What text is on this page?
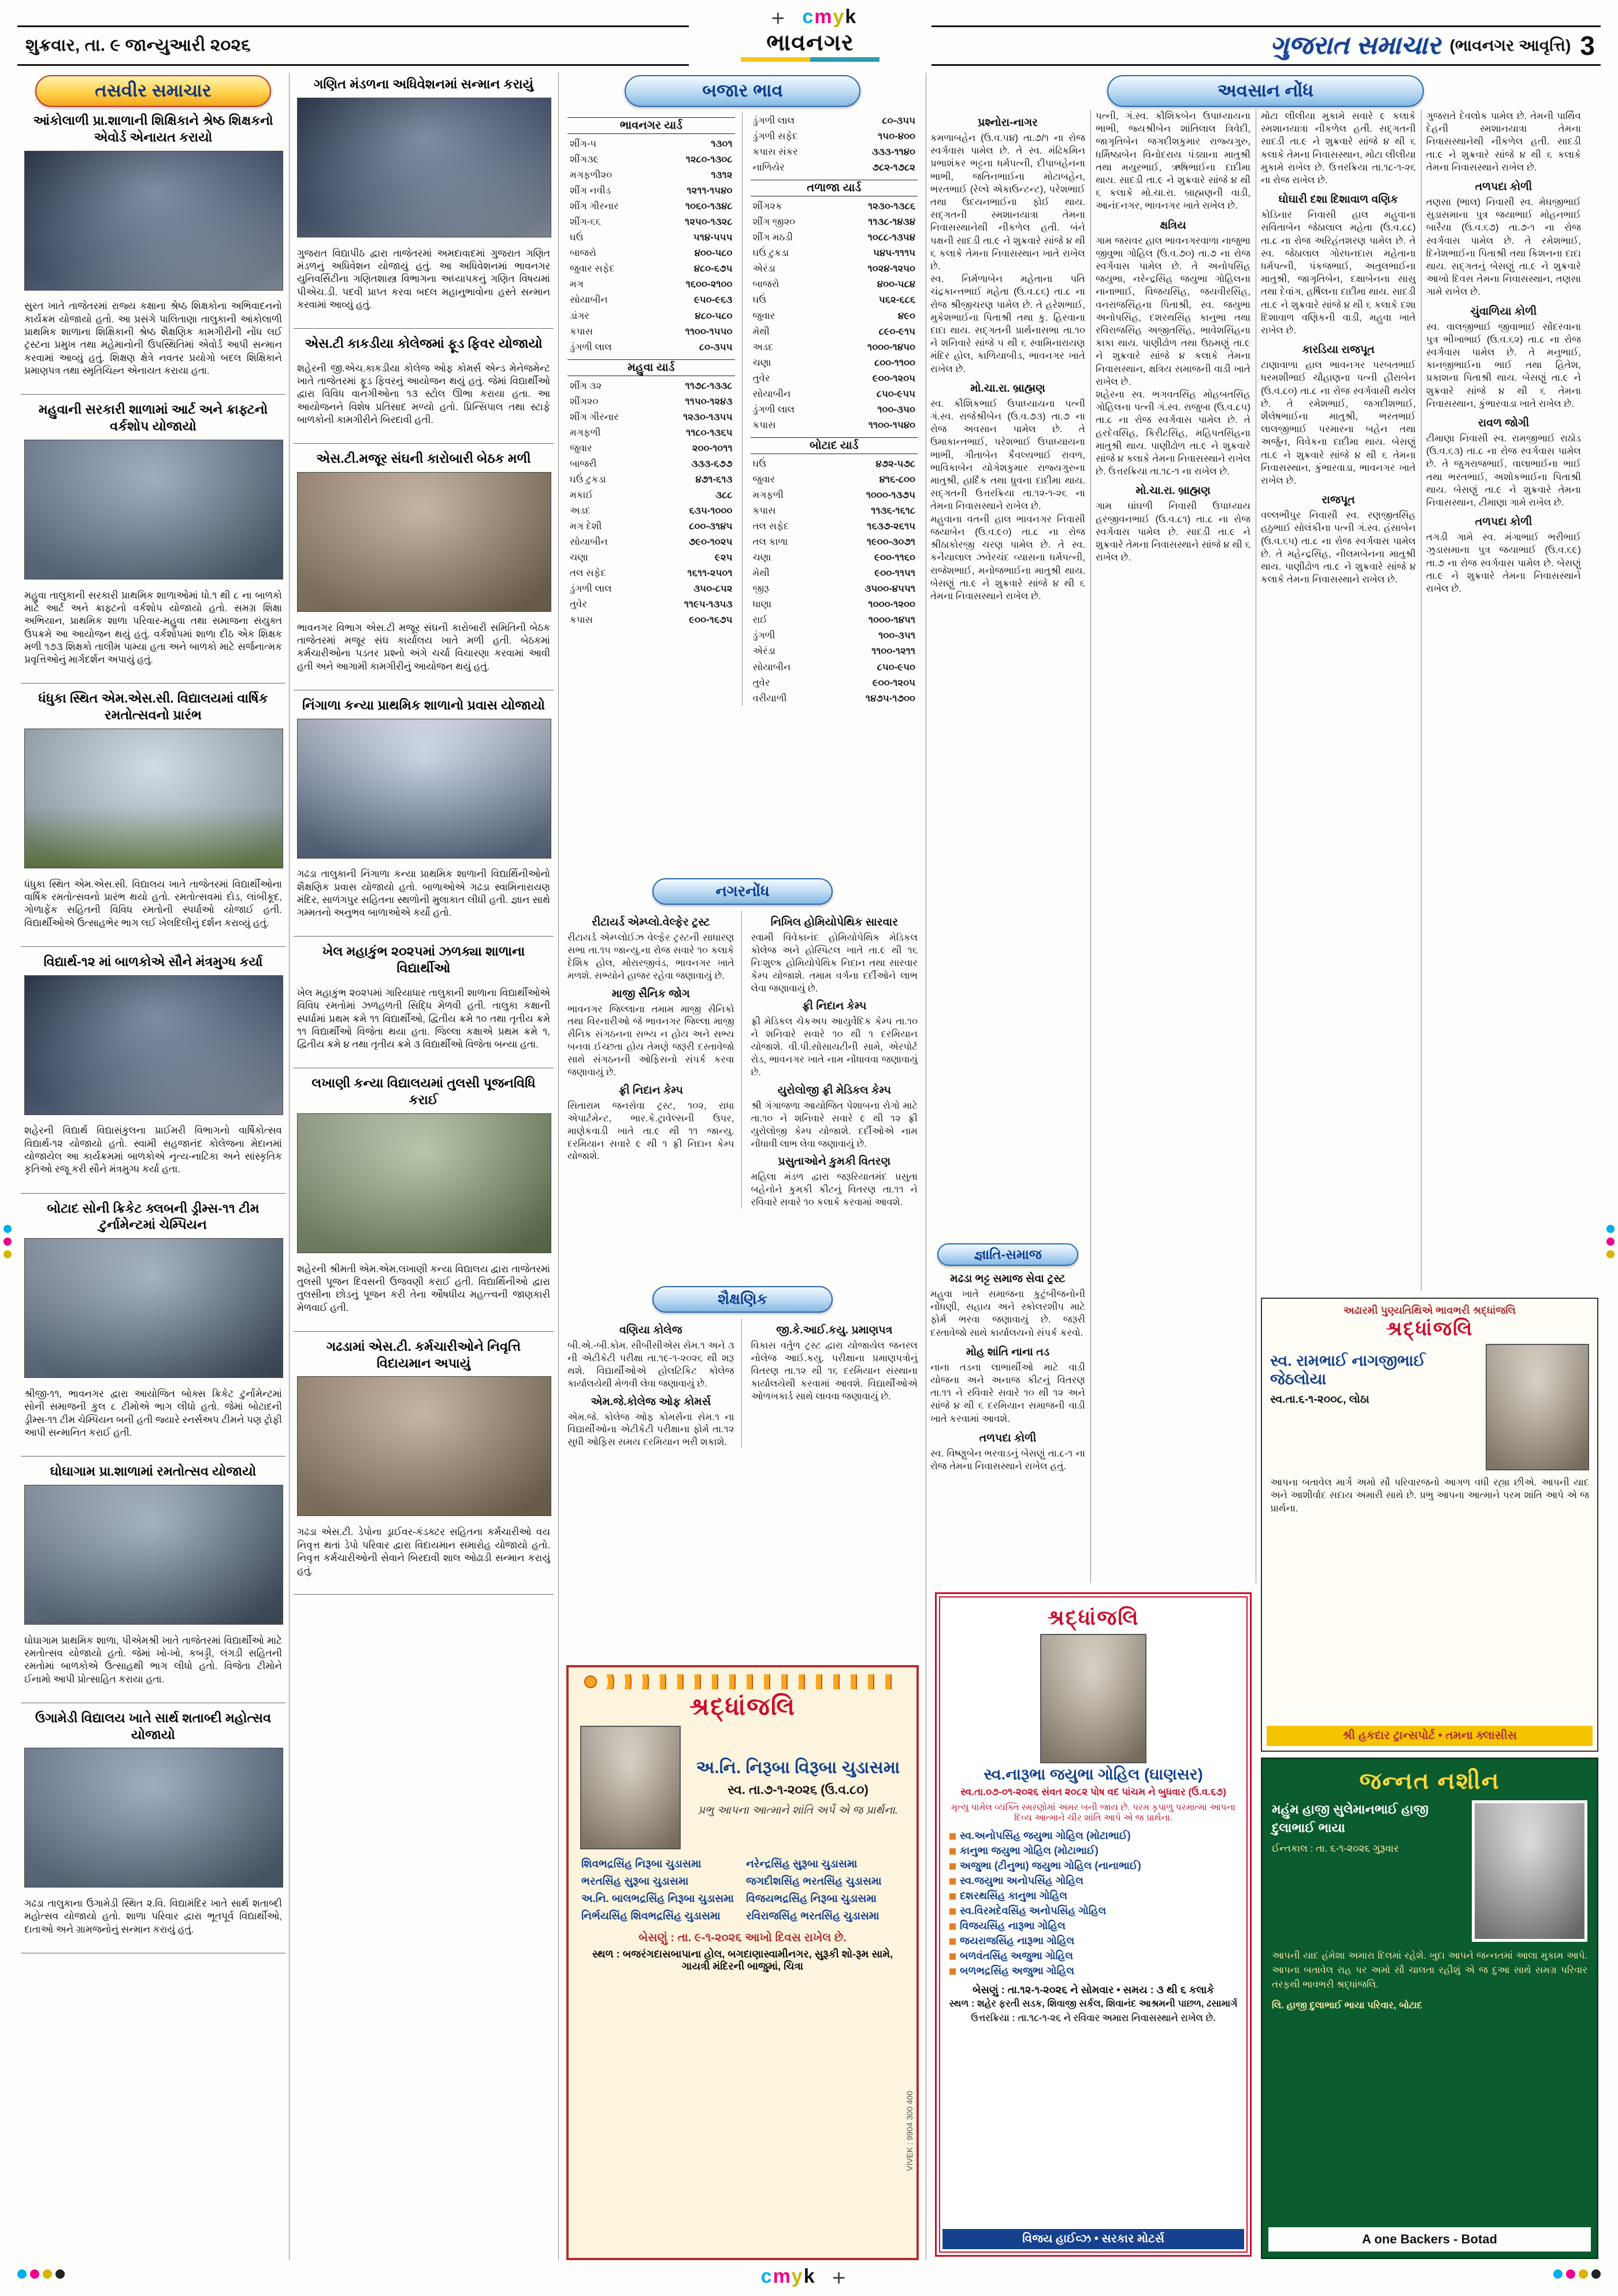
+ cmyk
cmyk +
શુક્રવાર, તા. ૯ જાન્યુઆરી ૨૦૨૬	ભાવનગર	ગુજરાત સમાચાર (ભાવનગર આવૃત્તિ) 3
તસવીર સમાચાર
આંકોલાળી પ્રા.શાળાની શિક્ષિકાને શ્રેષ્ઠ શિક્ષકનો એવોર્ડ એનાયત કરાયો

સુરત ખાતે તાજેતરમાં રાજ્ય કક્ષાના શ્રેષ્ઠ શિક્ષકોના અભિવાદનનો કાર્યક્રમ યોજાયો હતો. આ પ્રસંગે પાલિતાણા તાલુકાની આંકોલાળી પ્રાથમિક શાળાના શિક્ષિકાની શ્રેષ્ઠ શૈક્ષણિક કામગીરીની નોંધ લઈ ટ્રસ્ટના પ્રમુખ તથા મહેમાનોની ઉપસ્થિતિમાં એવોર્ડ આપી સન્માન કરવામાં આવ્યું હતું. શિક્ષણ ક્ષેત્રે નવતર પ્રયોગો બદલ શિક્ષિકાને પ્રમાણપત્ર તથા સ્મૃતિચિહ્ન એનાયત કરાયા હતા.

મહુવાની સરકારી શાળામાં આર્ટ અને ક્રાફ્ટનો વર્કશોપ યોજાયો

મહુવા તાલુકાની સરકારી પ્રાથમિક શાળાઓમાં ધો.૧ થી ૮ ના બાળકો માટે આર્ટ અને ક્રાફ્ટનો વર્કશોપ યોજાયો હતો. સમગ્ર શિક્ષા અભિયાન, પ્રાથમિક શાળા પરિવાર-મહુવા તથા સમાજના સંયુક્ત ઉપક્રમે આ આયોજન થયું હતું. વર્કશોપમાં શાળા દીઠ એક શિક્ષક મળી ૧૭૩ શિક્ષકો તાલીમ પામ્યા હતા અને બાળકો માટે સર્જનાત્મક પ્રવૃત્તિઓનું માર્ગદર્શન અપાયું હતું.

ધંધુકા સ્થિત એમ.એસ.સી. વિદ્યાલયમાં વાર્ષિક રમતોત્સવનો પ્રારંભ

ધંધુકા સ્થિત એમ.એસ.સી. વિદ્યાલય ખાતે તાજેતરમાં વિદ્યાર્થીઓના વાર્ષિક રમતોત્સવનો પ્રારંભ થયો હતો. રમતોત્સવમાં દોડ, લાંબીકૂદ, ગોળાફેંક સહિતની વિવિધ રમતોની સ્પર્ધાઓ યોજાઈ હતી. વિદ્યાર્થીઓએ ઉત્સાહભેર ભાગ લઈ ખેલદિલીનું દર્શન કરાવ્યું હતું.

વિદ્યાર્થ-૧૨ માં બાળકોએ સૌને મંત્રમુગ્ધ કર્યા

શહેરની વિદ્યાર્થ વિદ્યાસંકુલના પ્રાઈમરી વિભાગનો વાર્ષિકોત્સવ વિદ્યાર્થ-૧૨ યોજાયો હતો. સ્વામી સહજાનંદ કોલેજના મેદાનમાં યોજાયેલ આ કાર્યક્રમમાં બાળકોએ નૃત્ય-નાટિકા અને સાંસ્કૃતિક કૃતિઓ રજૂ કરી સૌને મંત્રમુગ્ધ કર્યા હતા.

બોટાદ સોની ક્રિકેટ ક્લબની ડ્રીમ્સ-૧૧ ટીમ ટુર્નામેન્ટમાં ચેમ્પિયન

શ્રીજી-૧૧, ભાવનગર દ્વારા આયોજિત બોક્સ ક્રિકેટ ટુર્નામેન્ટમાં સોની સમાજની કુલ ૮ ટીમોએ ભાગ લીધો હતો. જેમાં બોટાદની ડ્રીમ્સ-૧૧ ટીમ ચેમ્પિયન બની હતી જ્યારે રનર્સઅપ ટીમને પણ ટ્રોફી આપી સન્માનિત કરાઈ હતી.

ઘોઘાગામ પ્રા.શાળામાં રમતોત્સવ યોજાયો

ઘોઘાગામ પ્રાથમિક શાળા, પીએમશ્રી ખાતે તાજેતરમાં વિદ્યાર્થીઓ માટે રમતોત્સવ યોજાયો હતો. જેમાં ખો-ખો, કબડ્ડી, લંગડી સહિતની રમતોમાં બાળકોએ ઉત્સાહથી ભાગ લીધો હતો. વિજેતા ટીમોને ઈનામો આપી પ્રોત્સાહિત કરાયા હતા.

ઉગામેડી વિદ્યાલય ખાતે સાર્થ શતાબ્દી મહોત્સવ યોજાયો

ગઢડા તાલુકાના ઉગામેડી સ્થિત ૨.વિ. વિદ્યામંદિર ખાતે સાર્થ શતાબ્દી મહોત્સવ યોજાયો હતો. શાળા પરિવાર દ્વારા ભૂતપૂર્વ વિદ્યાર્થીઓ, દાતાઓ અને ગ્રામજનોનું સન્માન કરાયું હતું.

ગણિત મંડળના અધિવેશનમાં સન્માન કરાયું

ગુજરાત વિદ્યાપીઠ દ્વારા તાજેતરમાં અમદાવાદમાં ગુજરાત ગણિત મંડળનું અધિવેશન યોજાયું હતું. આ અધિવેશનમાં ભાવનગર યુનિવર્સિટીના ગણિતશાસ્ત્ર વિભાગના અધ્યાપકનું ગણિત વિષયમાં પીએચ.ડી. પદવી પ્રાપ્ત કરવા બદલ મહાનુભાવોના હસ્તે સન્માન કરવામાં આવ્યું હતું.

એસ.ટી કાકડીયા કોલેજમાં ફૂડ ફિવર યોજાયો

શહેરની જી.એચ.કાકડીયા કોલેજ ઓફ કોમર્સ એન્ડ મેનેજમેન્ટ ખાતે તાજેતરમાં ફૂડ ફિવરનું આયોજન થયું હતું. જેમાં વિદ્યાર્થીઓ દ્વારા વિવિધ વાનગીઓના ૧૩ સ્ટોલ ઊભા કરાયા હતા. આ આયોજનને વિશેષ પ્રતિસાદ મળ્યો હતો. પ્રિન્સિપાલ તથા સ્ટાફે બાળકોની કામગીરીને બિરદાવી હતી.

એસ.ટી.મજૂર સંઘની કારોબારી બેઠક મળી

ભાવનગર વિભાગ એસ.ટી મજૂર સંઘની કારોબારી સમિતિની બેઠક તાજેતરમાં મજૂર સંઘ કાર્યાલય ખાતે મળી હતી. બેઠકમાં કર્મચારીઓના પડતર પ્રશ્નો અંગે ચર્ચા વિચારણા કરવામાં આવી હતી અને આગામી કામગીરીનું આયોજન થયું હતું.

નિંગાળા કન્યા પ્રાથમિક શાળાનો પ્રવાસ યોજાયો

ગઢડા તાલુકાની નિંગાળા કન્યા પ્રાથમિક શાળાની વિદ્યાર્થિનીઓનો શૈક્ષણિક પ્રવાસ યોજાયો હતો. બાળાઓએ ગઢડા સ્વામિનારાયણ મંદિર, સાળંગપુર સહિતના સ્થળોની મુલાકાત લીધી હતી. જ્ઞાન સાથે ગમ્મતનો અનુભવ બાળાઓએ કર્યો હતો.

ખેલ મહાકુંભ ૨૦૨૫માં ઝળક્યા શાળાના વિદ્યાર્થીઓ

ખેલ મહાકુંભ ૨૦૨૫માં ગારિયાધાર તાલુકાની શાળાના વિદ્યાર્થીઓએ વિવિધ રમતોમાં ઝળહળતી સિદ્ધિ મેળવી હતી. તાલુકા કક્ષાની સ્પર્ધામાં પ્રથમ ક્રમે ૧૧ વિદ્યાર્થીઓ, દ્વિતીય ક્રમે ૧૦ તથા તૃતીય ક્રમે ૧૧ વિદ્યાર્થીઓ વિજેતા થયા હતા. જિલ્લા કક્ષાએ પ્રથમ ક્રમે ૧, દ્વિતીય ક્રમે ૪ તથા તૃતીય ક્રમે ૩ વિદ્યાર્થીઓ વિજેતા બન્યા હતા.

લખાણી કન્યા વિદ્યાલયમાં તુલસી પૂજનવિધિ કરાઈ

શહેરની શ્રીમતી એમ.એમ.લખાણી કન્યા વિદ્યાલય દ્વારા તાજેતરમાં તુલસી પૂજન દિવસની ઉજવણી કરાઈ હતી. વિદ્યાર્થિનીઓ દ્વારા તુલસીના છોડનું પૂજન કરી તેના ઔષધીય મહત્ત્વની જાણકારી મેળવાઈ હતી.

ગઢડામાં એસ.ટી. કર્મચારીઓને નિવૃત્તિ વિદાયમાન અપાયું

ગઢડા એસ.ટી. ડેપોના ડ્રાઈવર-કંડક્ટર સહિતના કર્મચારીઓ વય નિવૃત્ત થતાં ડેપો પરિવાર દ્વારા વિદાયમાન સમારોહ યોજાયો હતો. નિવૃત્ત કર્મચારીઓની સેવાને બિરદાવી શાલ ઓઢાડી સન્માન કરાયું હતું.

બજાર ભાવ
ભાવનગર યાર્ડ
શીંગ-૫	૧૩૦૧
શીંગ૩૯	૧૨૮૦-૧૩૦૮
મગફળી૨૦	૧૩૧૨
શીંગ નવીડ	૧૨૧૧-૧૫૪૦
શીંગ ગીરનાર	૧૦૬૦-૧૩૪૮
શીંગ-૬૬	૧૨૫૦-૧૩૨૮
ઘઉં	૫૧૪-૫૫૫
બાજરો	૪૦૦-૫૮૦
જુવાર સફેદ	૪૮૦-૬૭૫
મગ	૧૬૦૦-૨૧૦૦
સોયાબીન	૯૫૦-૯૬૩
ડાંગર	૪૮૦-૫૮૦
કપાસ	૧૧૦૦-૧૫૫૦
ડુંગળી લાલ	૮૦-૩૫૫
મહુવા યાર્ડ
શીંગ ૩૨	૧૧૭૮-૧૩૩૮
શીંગ૨૦	૧૧૫૦-૧૨૪૩
શીંગ ગીરનાર	૧૨૩૦-૧૩૫૫
મગફળી	૧૧૮૦-૧૩૬૫
જુવાર	૨૦૦-૧૦૧૧
બાજરી	૩૩૩-૬૭૭
ઘઉં ટુકડા	૪૭૧-૬૧૩
મકાઈ	૩૮૮
અડદ	૬૩૫-૧૦૦૦
મગ દેશી	૮૦૦-૩૧૪૫
સોયાબીન	૭૯૦-૧૦૨૫
ચણા	૯૨૫
તલ સફેદ	૧૬૧૧-૨૫૦૧
ડુંગળી લાલ	૩૫૦-૮૫૨
તુવેર	૧૧૯૫-૧૩૫૩
કપાસ	૯૦૦-૧૬૭૫
ડુંગળી લાલ	૮૦-૩૫૫
ડુંગળી સફેદ	૧૫૦-૪૦૦
કપાસ સંકર	૩૩૩-૧૧૪૦
નાળિયેર	૭૮૨-૧૭૮૨
તળાજા યાર્ડ
શીંગ૨ક	૧૨૩૦-૧૩૮૬
શીંગ જી૨૦	૧૧૩૮-૧૪૩૪
શીંગ મઠડી	૧૦૮૮-૧૩૫૪
ઘઉં ટુકડા	૫૪૫-૧૧૧૫
એરંડા	૧૦૨૪-૧૨૫૦
બાજરો	૪૦૦-૫૮૪
ઘઉં	૫૬૨-૬૮૬
જુવાર	૪૯૦
મેથી	૮૯૦-૯૧૫
અડદ	૧૦૦૦-૧૪૫૦
ચણા	૮૦૦-૧૧૦૦
તુવેર	૯૦૦-૧૨૦૫
સોયાબીન	૮૫૦-૯૫૫
ડુંગળી લાલ	૧૦૦-૩૫૦
કપાસ	૧૧૦૦-૧૫૪૦
બોટાદ યાર્ડ
ઘઉં	૪૭૨-૫૭૮
જુવાર	૪૧૬-૮૦૦
મગફળી	૧૦૦૦-૧૩૭૫
કપાસ	૧૧૩૬-૧૬૧૮
તલ સફેદ	૧૬૩૭-૨૬૧૫
તલ કાળા	૧૯૦૦-૩૦૭૧
ચણા	૯૦૦-૧૧૬૦
મેથી	૯૦૦-૧૧૫૧
જીરૂ	૩૫૦૦-૪૫૫૧
ધાણા	૧૦૦૦-૧૨૦૦
રાઈ	૧૦૦૦-૧૪૫૧
ડુંગળી	૧૦૦-૩૫૧
એરંડા	૧૧૦૦-૧૨૧૧
સોયાબીન	૮૫૦-૯૫૦
તુવેર	૯૦૦-૧૨૦૫
વરીયાળી	૧૪૭૫-૧૭૦૦
નગરનોંધ
રીટાયર્ડ એમ્પ્લો.વેલ્ફેર ટ્રસ્ટ
રીટાયર્ડ એમ્પ્લોઈઝ વેલ્ફેર ટ્રસ્ટની સાધારણ સભા તા.૧૫ જાન્યુ.ના રોજ સવારે ૧૦ કલાકે દેશિક હોલ, મોરારજીવંડ, ભાવનગર ખાતે મળશે. સભ્યોને હાજર રહેવા જણાવાયું છે.
માજી સૈનિક જોગ
ભાવનગર જિલ્લાના તમામ માજી સૈનિકો તથા વિરનારીઓ જે ભાવનગર જિલ્લા માજી સૈનિક સંગઠનના સભ્ય ન હોય અને સભ્ય બનવા ઈચ્છતા હોય તેમણે જરૂરી દસ્તાવેજો સાથે સંગઠનની ઓફિસનો સંપર્ક કરવા જણાવાયું છે.
ફ્રી નિદાન કેમ્પ
સિતારામ જનસેવા ટ્રસ્ટ, ૧૦૨, રાધા એપાર્ટમેન્ટ, ભાર.કે.ટ્રાવેલ્સની ઉપર, માણેકવાડી ખાતે તા.૯ થી ૧૧ જાન્યુ. દરમિયાન સવારે ૯ થી ૧ ફ્રી નિદાન કેમ્પ યોજાશે.
નિખિલ હોમિયોપેથિક સારવાર
સ્વામી વિવેકાનંદ હોમિયોપેથિક મેડિકલ કોલેજ અને હોસ્પિટલ ખાતે તા.૯ થી ૧૬ નિઃશુલ્ક હોમિયોપેથિક નિદાન તથા સારવાર કેમ્પ યોજાશે. તમામ વર્ગના દર્દીઓને લાભ લેવા જણાવાયું છે.
ફ્રી નિદાન કેમ્પ
ફ્રી મેડિકલ ચેકઅપ આયુર્વેદિક કેમ્પ તા.૧૦ ને શનિવારે સવારે ૧૦ થી ૧ દરમિયાન યોજાશે. વી.પી.સોસાયટીની સામે, એરપોર્ટ રોડ, ભાવનગર ખાતે નામ નોંધાવવા જણાવાયું છે.
યુરોલોજી ફ્રી મેડિકલ કેમ્પ
શ્રી ગંગાજળા આયોજિત પેશાબના રોગો માટે તા.૧૦ ને શનિવારે સવારે ૯ થી ૧૨ ફ્રી યુરોલોજી કેમ્પ યોજાશે. દર્દીઓએ નામ નોંધાવી લાભ લેવા જણાવાયું છે.
પ્રસુતાઓને કુમકી વિતરણ
મહિલા મંડળ દ્વારા જરૂરિયાતમંદ પ્રસુતા બહેનોને કુમકી કીટનું વિતરણ તા.૧૧ ને રવિવારે સવારે ૧૦ કલાકે કરવામાં આવશે.
શૈક્ષણિક
વણિયા કોલેજ
બી.એ.-બી.કોમ. સીબીસીએસ સેમ.૧ અને ૩ ની એટીકેટી પરીક્ષા તા.૧૯-૧-૨૦૨૬ થી શરૂ થશે. વિદ્યાર્થીઓએ હોલટિકિટ કોલેજ કાર્યાલયેથી મેળવી લેવા જણાવાયું છે.
એમ.જે.કોલેજ ઓફ કોમર્સ
એમ.જે. કોલેજ ઓફ કોમર્સના સેમ.૧ ના વિદ્યાર્થીઓના એટીકેટી પરીક્ષાના ફોર્મ તા.૧૨ સુધી ઓફિસ સમય દરમિયાન ભરી શકાશે.
જી.કે.આઈ.કયુ. પ્રમાણપત્ર
વિકાસ વર્તુળ ટ્રસ્ટ દ્વારા યોજાયેલ જનરલ નોલેજ આઈ.કયુ. પરીક્ષાના પ્રમાણપત્રોનું વિતરણ તા.૧૨ થી ૧૬ દરમિયાન સંસ્થાના કાર્યાલયેથી કરવામાં આવશે. વિદ્યાર્થીઓએ ઓળખકાર્ડ સાથે લાવવા જણાવાયું છે.
શ્રદ્ધાંજલિ
અ.નિ. નિરૂબા વિરૂબા ચુડાસમા
સ્વ. તા.૭-૧-૨૦૨૬ (ઉ.વ.૮૦)
પ્રભુ આપના આત્માને શાંતિ અર્પે એ જ પ્રાર્થના.
શિવભદ્રસિંહ નિરૂબા ચુડાસમા	નરેન્દ્રસિંહ સુરૂબા ચુડાસમા
ભરતસિંહ સુરૂબા ચુડાસમા	જગદીશસિંહ ભરતસિંહ ચુડાસમા
અ.નિ. બાલભદ્રસિંહ નિરૂબા ચુડાસમા	વિજયભદ્રસિંહ નિરૂબા ચુડાસમા
નિર્ભયસિંહ શિવભદ્રસિંહ ચુડાસમા	રવિરાજસિંહ ભરતસિંહ ચુડાસમા
બેસણું : તા. ૯-૧-૨૦૨૬ આખો દિવસ રાખેલ છે.
સ્થળ : બજરંગદાસબાપાના હોલ, બગદાણાસ્વામીનગર, સુરૂકી શો-રૂમ સામે, ગાયત્રી મંદિરની બાજુમાં, ચિત્રા
VIVEK : 9904 300 400
અવસાન નોંધ
પ્રશ્નોરા-નાગર
કમળાબહેન (ઉ.વ.૫૪) તા.૭/૧ ના રોજ સ્વર્ગવાસ પામેલ છે. તે સ્વ. મંઢિકમિન પ્રભાશંકર ભટ્ટના ધર્મપત્ની, દીપાબહેનના ભાભી, જતિનભાઈના મોટાબહેન, ભરતભાઈ (રેલ્વે એકાઉન્ટન્ટ), પરેશભાઈ તથા ઉદયનભાઈના ફોઈ થાય. સદ્ગતની સ્મશાનયાત્રા તેમના નિવાસસ્થાનેથી નીકળેલ હતી. બંને પક્ષની સાદડી તા.૯ ને શુક્રવારે સાંજે ૪ થી ૬ કલાકે તેમના નિવાસસ્થાન ખાતે રાખેલ છે.
સ્વ. નિર્મળાબેન મહેતાના પતિ ચંદ્રકાન્તભાઈ મહેતા (ઉ.વ.૮૬) તા.૮ ના રોજ શ્રીજીચરણ પામેલ છે. તે હરેશભાઈ, મુકેશભાઈના પિતાશ્રી તથા કુ. હિરવાના દાદા થાય. સદ્ગતની પ્રાર્થનાસભા તા.૧૦ ને શનિવારે સાંજે ૫ થી ૬ સ્વામિનારાયણ મંદિર હોલ, કાળિયાબીડ, ભાવનગર ખાતે રાખેલ છે.
મો.ચા.રા. બ્રાહ્મણ
સ્વ. કૌશિકભાઈ ઉપાધ્યાયના પત્ની ગં.સ્વ. રાજેશ્રીબેન (ઉ.વ.૭૩) તા.૭ ના રોજ અવસાન પામેલ છે. તે ઉમાકાન્તભાઈ, પરેશભાઈ ઉપાધ્યાયના ભાભી, ગીતાબેન કૈવલ્યભાઈ રાવળ, ભાવિકાબેન યોગેશકુમાર રાજ્યગુરુના માતુશ્રી, હાર્દિક તથા ધ્રુવના દાદીમા થાય. સદ્ગતની ઉત્તરક્રિયા તા.૧૨-૧-૨૬ ના તેમના નિવાસસ્થાને રાખેલ છે.
મહુવાના વતની હાલ ભાવનગર નિવાસી જયાબેન (ઉ.વ.૯૦) તા.૮ ના રોજ શ્રીઠાકોરજી ચરણ પામેલ છે. તે સ્વ. કનૈયાલાલ ઝવેરચંદ વ્યાસના ધર્મપત્ની, રાજેશભાઈ, મનોજભાઈના માતુશ્રી થાય. બેસણું તા.૯ ને શુક્રવારે સાંજે ૪ થી ૬ તેમના નિવાસસ્થાને રાખેલ છે.
જ્ઞાતિ-સમાજ
મઢડા ભટ્ટ સમાજ સેવા ટ્રસ્ટ
મહુવા ખાતે સમાજના કુટુંબીજનોની નોંધણી, સહાય અને સ્કોલરશીપ માટે ફોર્મ ભરવા જણાવાયું છે. જરૂરી દસ્તાવેજો સાથે કાર્યાલયનો સંપર્ક કરવો.
મોહ શાંતિ નાના તડ
નાના તડના લાભાર્થીઓ માટે વાડી યોજના અને અનાજ કીટનું વિતરણ તા.૧૧ ને રવિવારે સવારે ૧૦ થી ૧૨ અને સાંજે ૪ થી ૬ દરમિયાન સમાજની વાડી ખાતે કરવામાં આવશે.
તળપદા કોળી
સ્વ. વિષ્ણુબેન ભરવાડનું બેસણું તા.૮-૧ ના રોજ તેમના નિવાસસ્થાને રાખેલ હતું.
પત્ની, ગં.સ્વ. કૌશિકબેન ઉપાધ્યાયના ભાભી, જ્યશ્રીબેન શાંતિલાલ ત્રિવેદી, જાગૃતિબેન જગદીશકુમાર રાજ્યગુરુ, ધર્મિષ્ઠાબેન વિનોદરાય પંડ્યાના માતુશ્રી તથા મયુરભાઈ, ઋષિભાઈના દાદીમા થાય. સાદડી તા.૯ ને શુક્રવારે સાંજે ૪ થી ૬ કલાકે મો.ચા.રા. બ્રાહ્મણની વાડી, આનંદનગર, ભાવનગર ખાતે રાખેલ છે.
ક્ષત્રિય
ગામ જસવર હાલ ભાવનગરવાળા નાજુભા જીવુભા ગોહિલ (ઉ.વ.૭૦) તા.૭ ના રોજ સ્વર્ગવાસ પામેલ છે. તે અનોપસિંહ જયુભા, નરેન્દ્રસિંહ જયુભા ગોહિલના નાનાભાઈ, વિજયસિંહ, જયવીરસિંહ, વનરાજસિંહના પિતાશ્રી, સ્વ. જયુભા અનોપસિંહ, દશરથસિંહ કાનુભા તથા રવિરાજસિંહ અજીતસિંહ, ભાવેશસિંહના કાકા થાય. પાણીઢોળ તથા ઉઠમણું તા.૯ ને શુક્રવારે સાંજે ૪ કલાકે તેમના નિવાસસ્થાન, ક્ષત્રિય સમાજની વાડી ખાતે રાખેલ છે.
શહેરના સ્વ. ભગવતસિંહ મોહબતસિંહ ગોહિલના પત્ની ગં.સ્વ. રાજુબા (ઉ.વ.૮૫) તા.૮ ના રોજ સ્વર્ગવાસ પામેલ છે. તે હરદેવસિંહ, કિરીટસિંહ, મહિપતસિંહના માતુશ્રી થાય. પાણીઢોળ તા.૯ ને શુક્રવારે સાંજે ૪ કલાકે તેમના નિવાસસ્થાને રાખેલ છે. ઉત્તરક્રિયા તા.૧૮-૧ ના રાખેલ છે.
મો.ચા.રા. બ્રાહ્મણ
ગામ ઘાંઘળી નિવાસી ઉપાધ્યાય હરજીવનભાઈ (ઉ.વ.૮૧) તા.૮ ના રોજ સ્વર્ગવાસ પામેલ છે. સાદડી તા.૯ ને શુક્રવારે તેમના નિવાસસ્થાને સાંજે ૪ થી ૬ રાખેલ છે.
મોટા લીલીયા મુકામે સવારે ૯ કલાકે સ્મશાનયાત્રા નીકળેલ હતી. સદ્ગતની સાદડી તા.૯ ને શુક્રવારે સાંજે ૪ થી ૬ કલાકે તેમના નિવાસસ્થાન, મોટા લીલીયા મુકામે રાખેલ છે. ઉત્તરક્રિયા તા.૧૮-૧-૨૬ ના રોજ રાખેલ છે.
ઘોઘારી દશા દિશાવાળ વણિક
કોડિનાર નિવાસી હાલ મહુવાના સવિતાબેન જેઠાલાલ મહેતા (ઉ.વ.૮૮) તા.૮ ના રોજ અરિહંતશરણ પામેલ છે. તે સ્વ. જેઠાલાલ ગોરધનદાસ મહેતાના ધર્મપત્ની, પંકજભાઈ, અતુલભાઈના માતુશ્રી, જાગૃતિબેન, દક્ષાબેનના સાસુ તથા દેવાંગ, હર્ષિલના દાદીમા થાય. સાદડી તા.૯ ને શુક્રવારે સાંજે ૪ થી ૬ કલાકે દશા દિશાવાળ વણિકની વાડી, મહુવા ખાતે રાખેલ છે.
કારડિયા રાજપૂત
ટાણાવાળા હાલ ભાવનગર પરબતભાઈ ધરમશીભાઈ ચૌહાણના પત્ની હીરાબેન (ઉ.વ.૮૦) તા.૮ ના રોજ સ્વર્ગવાસી થયેલ છે. તે રમેશભાઈ, જગદીશભાઈ, શૈલેષભાઈના માતુશ્રી, ભરતભાઈ લાલજીભાઈ પરમારના બહેન તથા અર્જુન, વિવેકના દાદીમા થાય. બેસણું તા.૯ ને શુક્રવારે સાંજે ૪ થી ૬ તેમના નિવાસસ્થાન, કુંભારવાડા, ભાવનગર ખાતે રાખેલ છે.
રાજપૂત
વલ્લભીપુર નિવાસી સ્વ. રણજીતસિંહ હઠુભાઈ સોલંકીના પત્ની ગં.સ્વ. હંસાબેન (ઉ.વ.૬૫) તા.૮ ના રોજ સ્વર્ગવાસ પામેલ છે. તે મહેન્દ્રસિંહ, નીલમબેનના માતુશ્રી થાય. પાણીઢોળ તા.૯ ને શુક્રવારે સાંજે ૪ કલાકે તેમના નિવાસસ્થાને રાખેલ છે.
ગુજરાતે દેવલોક પામેલ છે. તેમની પાર્થિવ દેહની સ્મશાનયાત્રા તેમના નિવાસસ્થાનેથી નીકળેલ હતી. સાદડી તા.૯ ને શુક્રવારે સાંજે ૪ થી ૬ કલાકે તેમના નિવાસસ્થાને રાખેલ છે.
તળપદા કોળી
તણસા (ભાલ) નિવાસી સ્વ. મેઘજીભાઈ સુડાસમાના પુત્ર જયાભાઈ મોહનભાઈ બારૈયા (ઉ.વ.૬૭) તા.૭-૧ ના રોજ સ્વર્ગવાસ પામેલ છે. તે રમેશભાઈ, દિનેશભાઈના પિતાશ્રી તથા કિશનના દાદા થાય. સદ્ગતનું બેસણું તા.૯ ને શુક્રવારે આખો દિવસ તેમના નિવાસસ્થાન, તણસા ગામે રાખેલ છે.
ચુંવાળિયા કોળી
સ્વ. વાલજીભાઈ જીવાભાઈ સોંદરવાના પુત્ર ભીખાભાઈ (ઉ.વ.૬૨) તા.૮ ના રોજ સ્વર્ગવાસ પામેલ છે. તે મનુભાઈ, કાનજીભાઈના ભાઈ તથા હિતેશ, પ્રકાશના પિતાશ્રી થાય. બેસણું તા.૯ ને શુક્રવારે સાંજે ૪ થી ૬ તેમના નિવાસસ્થાન, કુંભારવાડા ખાતે રાખેલ છે.
રાવળ જોગી
ટીમાણા નિવાસી સ્વ. રામજીભાઈ રાઠોડ (ઉ.વ.૬૩) તા.૮ ના રોજ સ્વર્ગવાસ પામેલ છે. તે જુગરાજભાઈ, વાલાભાઈના ભાઈ તથા ભરતભાઈ, અશોકભાઈના પિતાશ્રી થાય. બેસણું તા.૯ ને શુક્રવારે તેમના નિવાસસ્થાન, ટીમાણા ગામે રાખેલ છે.
તળપદા કોળી
તગડી ગામે સ્વ. મંગાભાઈ ભરીભાઈ ઝુડાસમાના પુત્ર જયાભાઈ (ઉ.વ.૬૯) તા.૭ ના રોજ સ્વર્ગવાસ પામેલ છે. બેસણું તા.૯ ને શુક્રવારે તેમના નિવાસસ્થાને રાખેલ છે.
શ્રદ્ધાંજલિ
સ્વ.નારૂભા જયુભા ગોહિલ (ઘાણસર)
સ્વ.તા.૦૭-૦૧-૨૦૨૬ સંવત ૨૦૮૨ પોષ વદ પાંચમ ને બુધવાર (ઉ.વ.૬૭)
મૃત્યુ પામેલ વ્યક્તિ સ્મરણોમાં અમર બની જાય છે. પરમ કૃપાળુ પરમાત્મા આપના દિવ્ય આત્માને ચીર શાંતિ આપે એ જ પ્રાર્થના.
સ્વ.અનોપસિંહ જયુભા ગોહિલ (મોટાભાઈ)
કાનુભા જયુભા ગોહિલ (મોટાભાઈ)
અજુભા (ટીનુભા) જયુભા ગોહિલ (નાનાભાઈ)
સ્વ.જયુભા અનોપસિંહ ગોહિલ
દશરથસિંહ કાનુભા ગોહિલ
સ્વ.વિરમદેવસિંહ અનોપસિંહ ગોહિલ
વિજયસિંહ નારૂભા ગોહિલ
જયરાજસિંહ નારૂભા ગોહિલ
બળવંતસિંહ અજુભા ગોહિલ
બળભદ્રસિંહ અજુભા ગોહિલ
બેસણું : તા.૧૨-૧-૨૦૨૬ ને સોમવાર • સમય : ૩ થી ૬ કલાકે
સ્થળ : શહેર ફરતી સડક, શિવાજી સર્કલ, શિવાનંદ આશ્રમની પાછળ, ઢસામાર્ગ
ઉત્તરક્રિયા : તા.૧૮-૧-૨૬ ને રવિવાર અમારા નિવાસસ્થાને રાખેલ છે.
વિજય હાઈવ્ઝ • સરકાર મોટર્સ
અઢારમી પુણ્યતિથિએ ભાવભરી શ્રદ્ધાંજલિ
શ્રદ્ધાંજલિ
સ્વ. રામભાઈ નાગજીભાઈ જેઠલોયા
સ્વ.તા.૬-૧-૨૦૦૮, લોઠા
આપના બતાવેલ માર્ગે અમો સૌ પરિવારજનો આગળ વધી રહ્યા છીએ. આપની યાદ અને આશીર્વાદ સદાય અમારી સાથે છે. પ્રભુ આપના આત્માને પરમ શાંતિ આપે એ જ પ્રાર્થના.
શ્રી હકદાર ટ્રાન્સપોર્ટ • તમના ક્લાસીસ
જન્નત નશીન
મહુંમ હાજી સુલેમાનભાઈ હાજી દુલાભાઈ ભાયા
ઈન્તકાલ : તા. ૬-૧-૨૦૨૬ ગુરૂવાર
આપની યાદ હંમેશા અમારા દિલમાં રહેશે. ખુદા આપને જન્નતમાં આલા મુકામ આપે. આપના બતાવેલ રાહ પર અમો સૌ ચાલતા રહીશું એ જ દુઆ સાથે સમગ્ર પરિવાર તરફથી ભાવભરી શ્રદ્ધાંજલિ.
લિ. હાજી દુલાભાઈ ભાયા પરિવાર, બોટાદ
A one Backers - Botad
